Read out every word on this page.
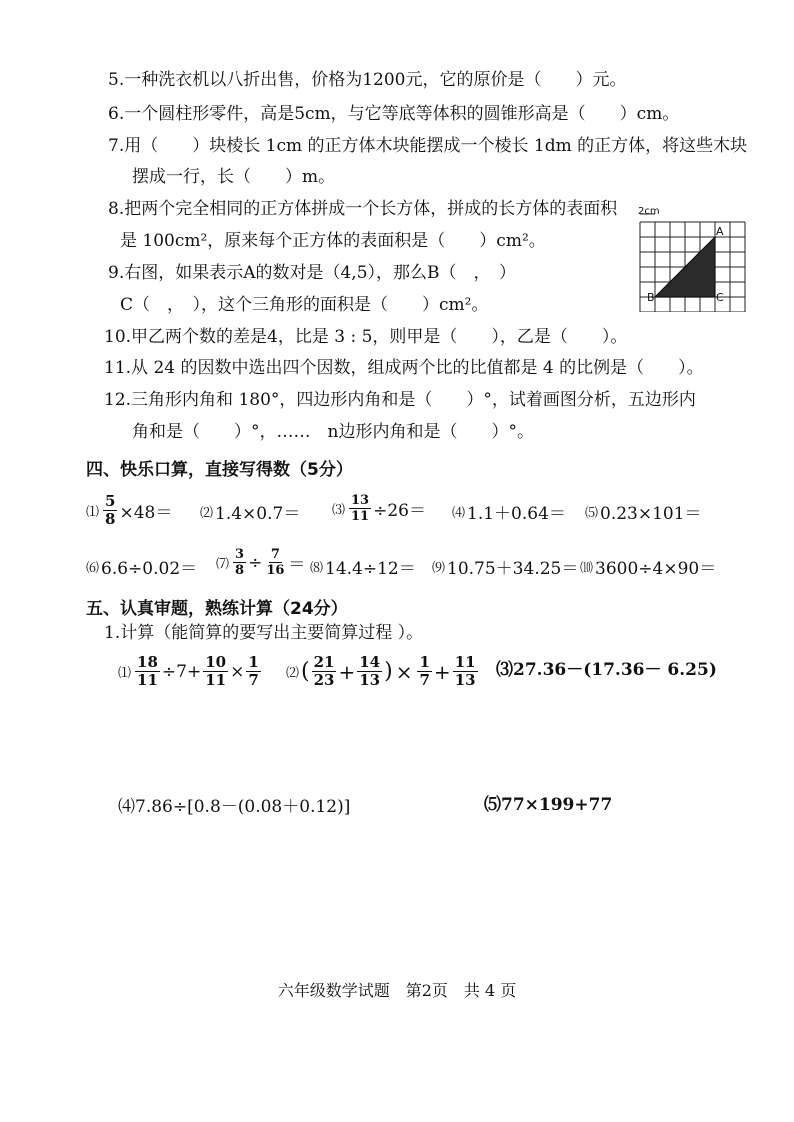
5.一种洗衣机以八折出售，价格为1200元，它的原价是（　　）元。
6.一个圆柱形零件，高是5cm，与它等底等体积的圆锥形高是（　　）cm。
7.用（　　）块棱长 1cm 的正方体木块能摆成一个棱长 1dm 的正方体，将这些木块
摆成一行，长（　　）m。
8.把两个完全相同的正方体拼成一个长方体，拼成的长方体的表面积
是 100cm²，原来每个正方体的表面积是（　　）cm²。
9.右图，如果表示A的数对是（4,5），那么B（　，　）
C（　，　），这个三角形的面积是（　　）cm²。
10.甲乙两个数的差是4，比是 3 : 5，则甲是（　　），乙是（　　）。
11.从 24 的因数中选出四个因数，组成两个比的比值都是 4 的比例是（　　）。
12.三角形内角和 180°，四边形内角和是（　　）°，试着画图分析，五边形内
角和是（　　）°，……　n边形内角和是（　　）°。
2cm
A
B	C
四、快乐口算，直接写得数（5分）
⑴ $\frac{5}{8} \times 48=$ ⑵ 1.4×0.7＝ ⑶ $\frac{13}{11} \div 26=$ ⑷ 1.1＋0.64＝ ⑸ 0.23×101＝
⑹ 6.6÷0.02＝ ⑺ $\frac{3}{8} \div \frac{7}{16}$ ＝ ⑻ 14.4÷12＝ ⑼ 10.75＋34.25＝ ⑽ 3600÷4×90＝
五、认真审题，熟练计算（24分）
1.计算（能简算的要写出主要简算过程 ）。
⑴ $\frac{18}{11} \div 7+ \frac{10}{11} \times \frac{1}{7}$ ⑵ ( $\frac{21}{23} + \frac{14}{13}$ ) × $\frac{1}{7} + \frac{11}{13}$ ⑶27.36－(17.36－ 6.25)
⑷7.86÷[0.8－(0.08＋0.12)]	⑸77×199+77
六年级数学试题　第2页　共 4 页
